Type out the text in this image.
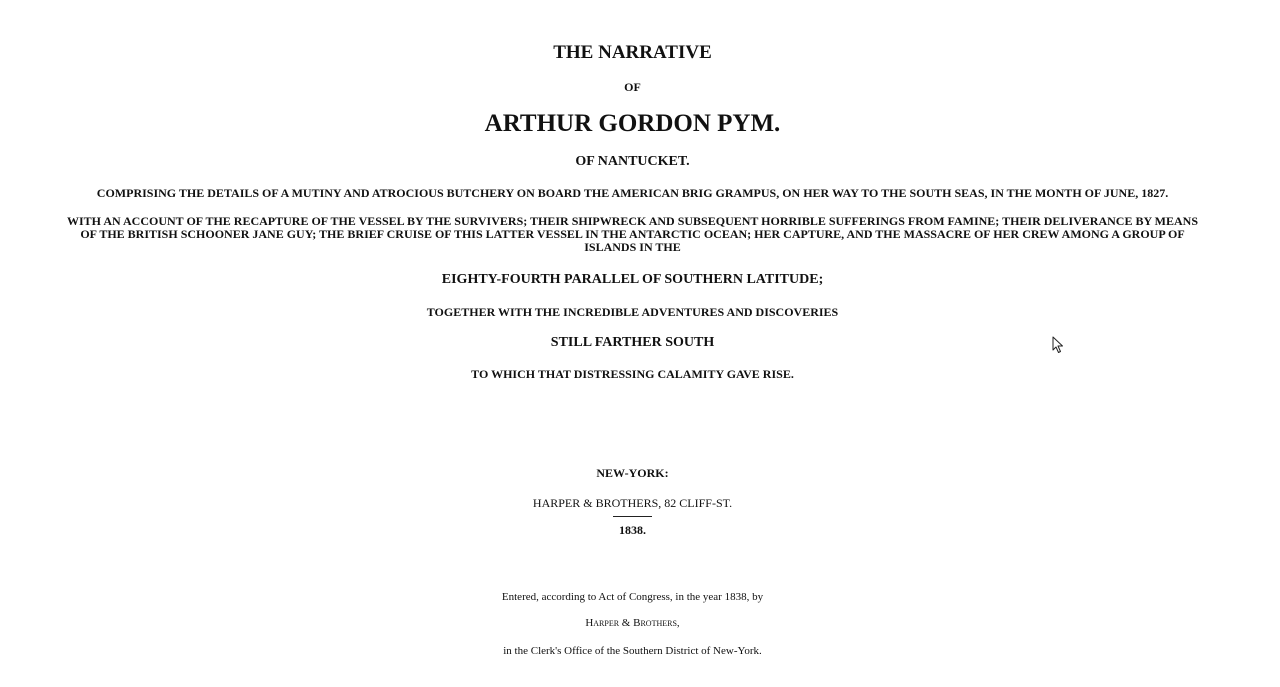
THE NARRATIVE

OF

ARTHUR GORDON PYM.

OF NANTUCKET.

COMPRISING THE DETAILS OF A MUTINY AND ATROCIOUS BUTCHERY ON BOARD THE AMERICAN BRIG GRAMPUS, ON HER WAY TO THE SOUTH SEAS, IN THE MONTH OF JUNE, 1827.

WITH AN ACCOUNT OF THE RECAPTURE OF THE VESSEL BY THE SURVIVERS; THEIR SHIPWRECK AND SUBSEQUENT HORRIBLE SUFFERINGS FROM FAMINE; THEIR DELIVERANCE BY MEANS OF THE BRITISH SCHOONER JANE GUY; THE BRIEF CRUISE OF THIS LATTER VESSEL IN THE ANTARCTIC OCEAN; HER CAPTURE, AND THE MASSACRE OF HER CREW AMONG A GROUP OF ISLANDS IN THE

EIGHTY-FOURTH PARALLEL OF SOUTHERN LATITUDE;

TOGETHER WITH THE INCREDIBLE ADVENTURES AND DISCOVERIES

STILL FARTHER SOUTH

TO WHICH THAT DISTRESSING CALAMITY GAVE RISE.

NEW-YORK:

HARPER & BROTHERS, 82 CLIFF-ST.

1838.

Entered, according to Act of Congress, in the year 1838, by

Harper & Brothers,

in the Clerk's Office of the Southern District of New-York.
